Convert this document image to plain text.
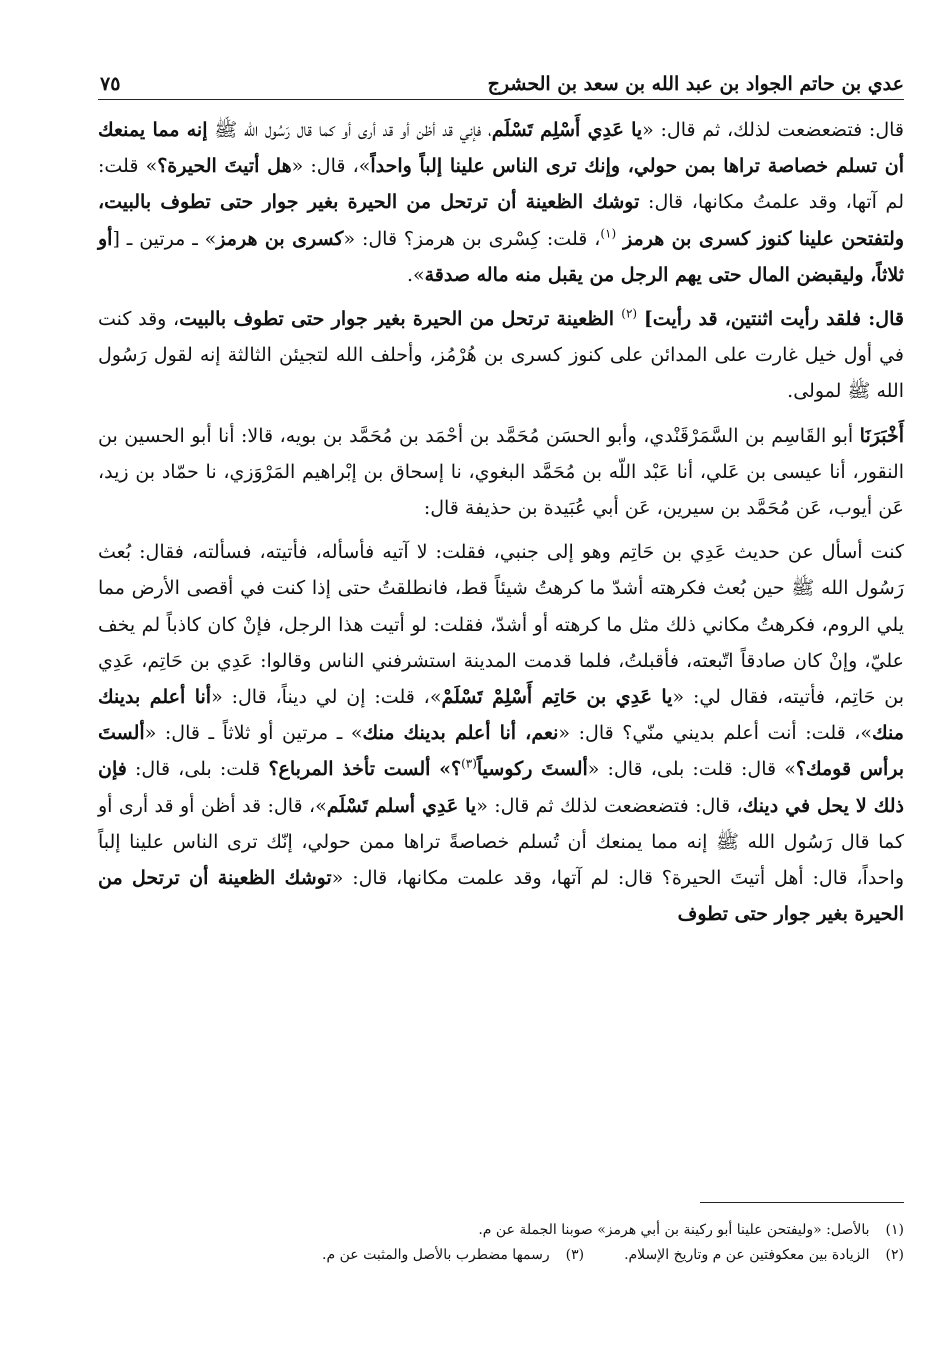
عدي بن حاتم الجواد بن عبد الله بن سعد بن الحشرج
٧٥

قال: فتضعضعت لذلك، ثم قال: «يا عَدِي أَسْلِم تَسْلَم، فإني قد أظن أو قد أرى أو كما قال رَسُول الله ﷺ إنه مما يمنعك أن تسلم خصاصة تراها بمن حولي، وإنك ترى الناس علينا إلباً واحداً»، قال: «هل أتيتَ الحيرة؟» قلت: لم آتها، وقد علمتُ مكانها، قال: توشك الظعينة أن ترتحل من الحيرة بغير جوار حتى تطوف بالبيت، ولتفتحن علينا كنوز كسرى بن هرمز $^{(١)}$، قلت: كِسْرى بن هرمز؟ قال: «كسرى بن هرمز» ـ مرتين ـ [أو ثلاثاً، وليقبضن المال حتى يهم الرجل من يقبل منه ماله صدقة».

قال: فلقد رأيت اثنتين، قد رأيت] $^{(٢)}$ الظعينة ترتحل من الحيرة بغير جوار حتى تطوف بالبيت، وقد كنت في أول خيل غارت على المدائن على كنوز كسرى بن هُرْمُز، وأحلف الله لتجيئن الثالثة إنه لقول رَسُول الله ﷺ لمولى.

أَخْبَرَنَا أبو القَاسِم بن السَّمَرْقَنْدي، وأبو الحسَن مُحَمَّد بن أحْمَد بن مُحَمَّد بن بويه، قالا: أنا أبو الحسين بن النقور، أنا عيسى بن عَلي، أنا عَبْد اللّه بن مُحَمَّد البغوي، نا إسحاق بن إبْراهيم المَرْوَزي، نا حمّاد بن زيد، عَن أيوب، عَن مُحَمَّد بن سيرين، عَن أبي عُبَيدة بن حذيفة قال:

كنت أسأل عن حديث عَدِي بن حَاتِم وهو إلى جنبي، فقلت: لا آتيه فأسأله، فأتيته، فسألته، فقال: بُعث رَسُول الله ﷺ حين بُعث فكرهته أشدّ ما كرهتُ شيئاً قط، فانطلقتُ حتى إذا كنت في أقصى الأرض مما يلي الروم، فكرهتُ مكاني ذلك مثل ما كرهته أو أشدّ، فقلت: لو أتيت هذا الرجل، فإنْ كان كاذباً لم يخف عليّ، وإنْ كان صادقاً اتّبعته، فأقبلتُ، فلما قدمت المدينة استشرفني الناس وقالوا: عَدِي بن حَاتِم، عَدِي بن حَاتِم، فأتيته، فقال لي: «يا عَدِي بن حَاتِم أَسْلِمْ تَسْلَمْ»، قلت: إن لي ديناً، قال: «أنا أعلم بدينك منك»، قلت: أنت أعلم بديني منّي؟ قال: «نعم، أنا أعلم بدينك منك» ـ مرتين أو ثلاثاً ـ قال: «ألستَ برأس قومك؟» قال: قلت: بلى، قال: «ألستَ ركوسياً$^{(٣)}$؟» ألست تأخذ المرباع؟ قلت: بلى، قال: فإن ذلك لا يحل في دينك، قال: فتضعضعت لذلك ثم قال: «يا عَدِي أسلم تَسْلَم»، قال: قد أظن أو قد أرى أو كما قال رَسُول الله ﷺ إنه مما يمنعك أن تُسلم خصاصةً تراها ممن حولي، إنّك ترى الناس علينا إلباً واحداً، قال: أهل أتيتَ الحيرة؟ قال: لم آتها، وقد علمت مكانها، قال: «توشك الظعينة أن ترتحل من الحيرة بغير جوار حتى تطوف

(١) بالأصل: «وليفتحن علينا أبو ركينة بن أبي هرمز» صوبنا الجملة عن م.
(٢) الزيادة بين معكوفتين عن م وتاريخ الإسلام.
(٣) رسمها مضطرب بالأصل والمثبت عن م.
